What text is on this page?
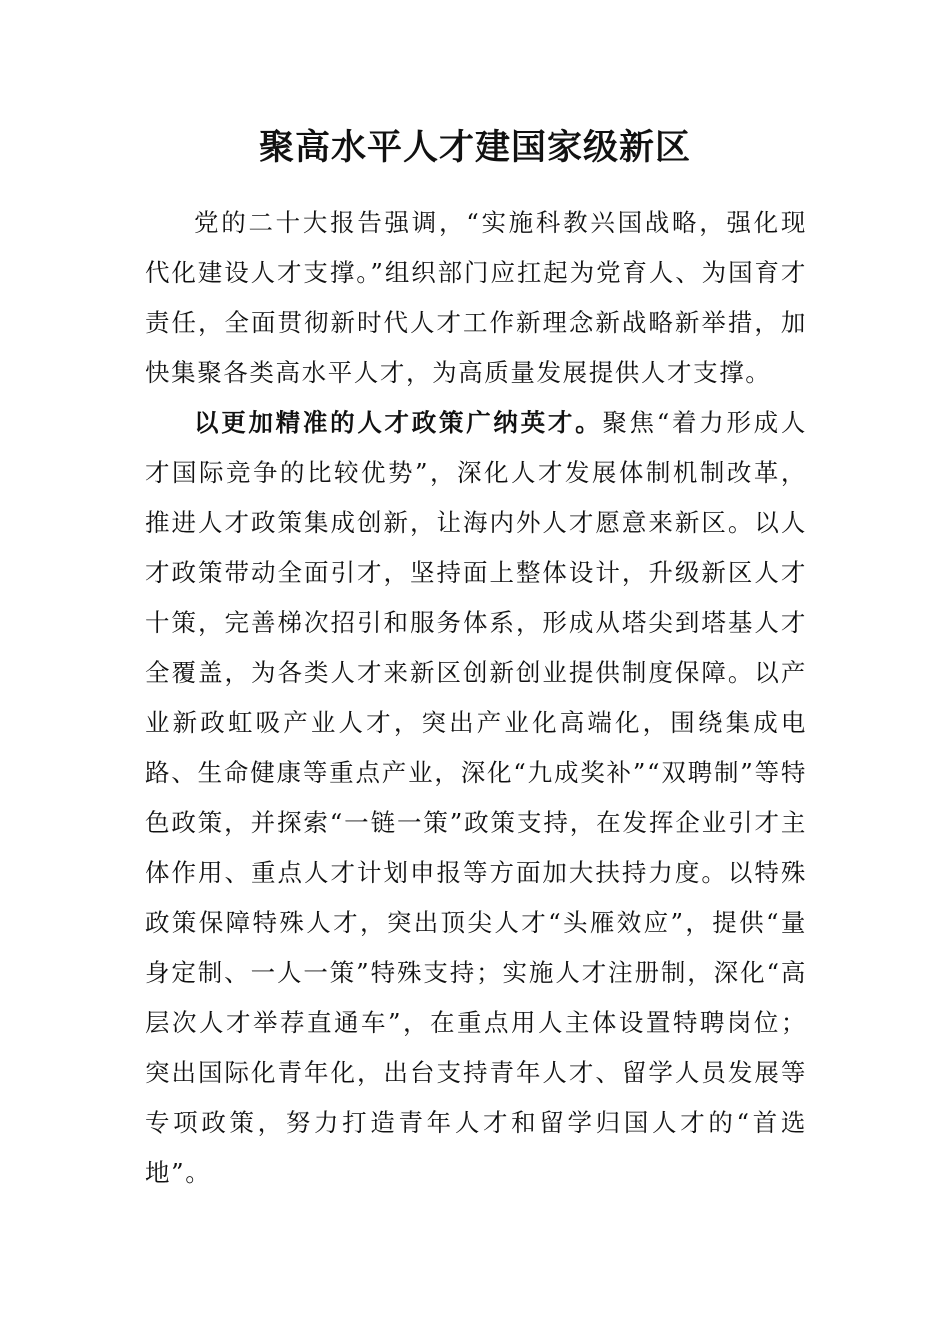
聚高水平人才建国家级新区

党的二十大报告强调，“实施科教兴国战略，强化现代化建设人才支撑。”组织部门应扛起为党育人、为国育才责任，全面贯彻新时代人才工作新理念新战略新举措，加快集聚各类高水平人才，为高质量发展提供人才支撑。

以更加精准的人才政策广纳英才。聚焦“着力形成人才国际竞争的比较优势”，深化人才发展体制机制改革，推进人才政策集成创新，让海内外人才愿意来新区。以人才政策带动全面引才，坚持面上整体设计，升级新区人才十策，完善梯次招引和服务体系，形成从塔尖到塔基人才全覆盖，为各类人才来新区创新创业提供制度保障。以产业新政虹吸产业人才，突出产业化高端化，围绕集成电路、生命健康等重点产业，深化“九成奖补”“双聘制”等特色政策，并探索“一链一策”政策支持，在发挥企业引才主体作用、重点人才计划申报等方面加大扶持力度。以特殊政策保障特殊人才，突出顶尖人才“头雁效应”，提供“量身定制、一人一策”特殊支持；实施人才注册制，深化“高层次人才举荐直通车”，在重点用人主体设置特聘岗位；突出国际化青年化，出台支持青年人才、留学人员发展等专项政策，努力打造青年人才和留学归国人才的“首选地”。
